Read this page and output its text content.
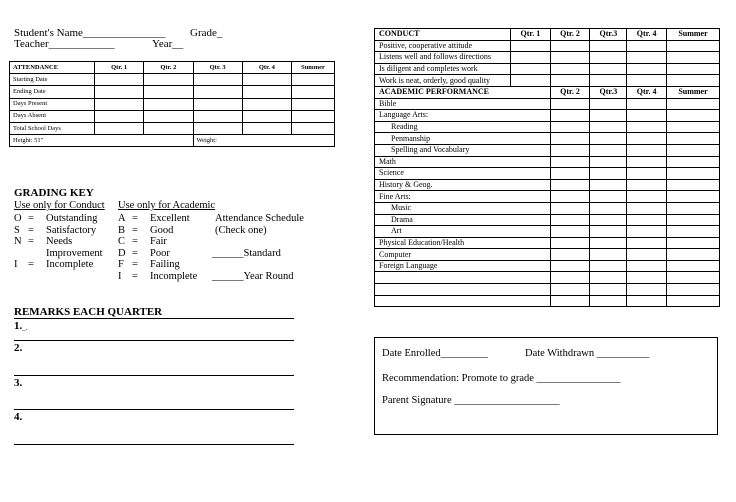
Student's Name_______________ Grade_
Teacher____________	Year__
ATTENDANCE	Qtr. 1	Qtr. 2	Qtr. 3	Qtr. 4	Summer
Starting Date					
Ending Date					
Days Present					
Days Absent					
Total School Days					
Height: 51"			Weight:		
GRADING KEY
Use only for Conduct Use only for Academic
O	=	Outstanding
S	=	Satisfactory
N	=	Needs
		Improvement
I	=	Incomplete
A	=	Excellent
B	=	Good
C	=	Fair
D	=	Poor
F	=	Failing
I	=	Incomplete
Attendance Schedule
(Check one)
______Standard
______Year Round
REMARKS EACH QUARTER
1.
2.
3.
4.
_.
CONDUCT	Qtr. 1	Qtr. 2	Qtr.3	Qtr. 4	Summer
Positive, cooperative attitude					
Listens well and follows directions					
Is diligent and completes work					
Work is neat, orderly, good quality					
ACADEMIC PERFORMANCE		Qtr. 2	Qtr.3	Qtr. 4	Summer
Bible					
Language Arts:					
Reading					
Penmanship					
Spelling and Vocabulary					
Math					
Science					
History & Geog.					
Fine Arts:					
Music					
Drama					
Art					
Physical Education/Health					
Computer					
Foreign Language					

Date Enrolled_________	Date Withdrawn __________
Recommendation: Promote to grade ________________
Parent Signature ____________________
